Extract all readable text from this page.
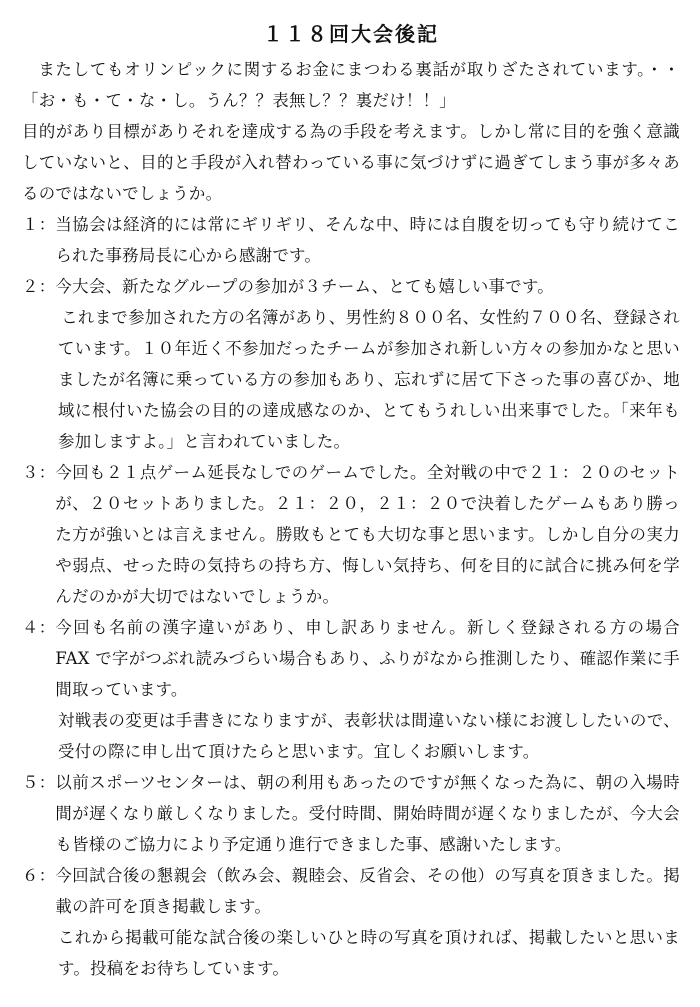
１１８回大会後記

またしてもオリンピックに関するお金にまつわる裏話が取りざたされています。・・「お・も・て・な・し。うん？？表無し？？裏だけ！！」

目的があり目標がありそれを達成する為の手段を考えます。しかし常に目的を強く意識していないと、目的と手段が入れ替わっている事に気づけずに過ぎてしまう事が多々あるのではないでしょうか。

１： 当協会は経済的には常にギリギリ、そんな中、時には自腹を切っても守り続けてこられた事務局長に心から感謝です。

２： 今大会、新たなグループの参加が３チーム、とても嬉しい事です。

これまで参加された方の名簿があり、男性約８００名、女性約７００名、登録されています。１０年近く不参加だったチームが参加され新しい方々の参加かなと思いましたが名簿に乗っている方の参加もあり、忘れずに居て下さった事の喜びか、地域に根付いた協会の目的の達成感なのか、とてもうれしい出来事でした。「来年も参加しますよ。」と言われていました。

３： 今回も２１点ゲーム延長なしでのゲームでした。全対戦の中で２１：２０のセットが、２０セットありました。２１：２０，２１：２０で決着したゲームもあり勝った方が強いとは言えません。勝敗もとても大切な事と思います。しかし自分の実力や弱点、せった時の気持ちの持ち方、悔しい気持ち、何を目的に試合に挑み何を学んだのかが大切ではないでしょうか。

４： 今回も名前の漢字違いがあり、申し訳ありません。新しく登録される方の場合 FAX で字がつぶれ読みづらい場合もあり、ふりがなから推測したり、確認作業に手間取っています。

対戦表の変更は手書きになりますが、表彰状は間違いない様にお渡ししたいので、受付の際に申し出て頂けたらと思います。宜しくお願いします。

５： 以前スポーツセンターは、朝の利用もあったのですが無くなった為に、朝の入場時間が遅くなり厳しくなりました。受付時間、開始時間が遅くなりましたが、今大会も皆様のご協力により予定通り進行できました事、感謝いたします。

６： 今回試合後の懇親会（飲み会、親睦会、反省会、その他）の写真を頂きました。掲載の許可を頂き掲載します。

これから掲載可能な試合後の楽しいひと時の写真を頂ければ、掲載したいと思います。投稿をお待ちしています。
